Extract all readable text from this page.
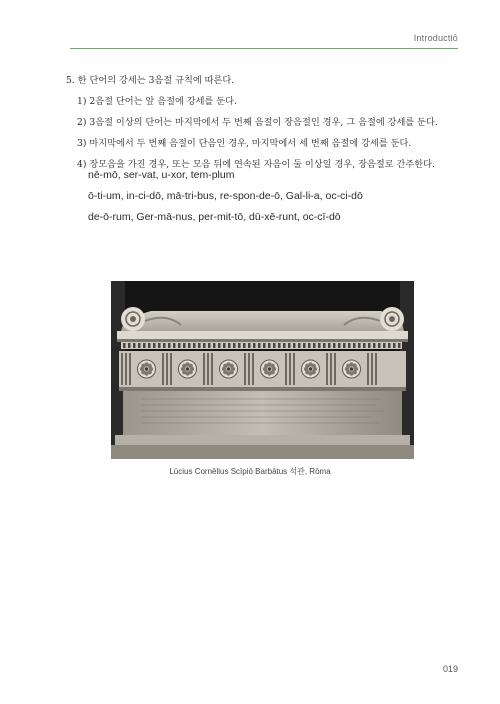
Introductiō
5. 한 단어의 강세는 3음절 규칙에 따른다.
1) 2음절 단어는 앞 음절에 강세를 둔다.
2) 3음절 이상의 단어는 마지막에서 두 번째 음절이 장음절인 경우, 그 음절에 강세를 둔다.
3) 마지막에서 두 번째 음절이 단음인 경우, 마지막에서 세 번째 음절에 강세를 둔다.
4) 장모음을 가진 경우, 또는 모음 뒤에 연속된 자음이 둘 이상일 경우, 장음절로 간주한다.
nē-mō, ser-vat, u-xor, tem-plum
ō-ti-um, in-ci-dō, mā-tri-bus, re-spon-de-ō, Gal-li-a, oc-ci-dō
de-ō-rum, Ger-mā-nus, per-mit-tō, dū-xē-runt, oc-cī-dō
Lūcius Cornēlius Scīpiō Barbātus 석관, Rōma
019
